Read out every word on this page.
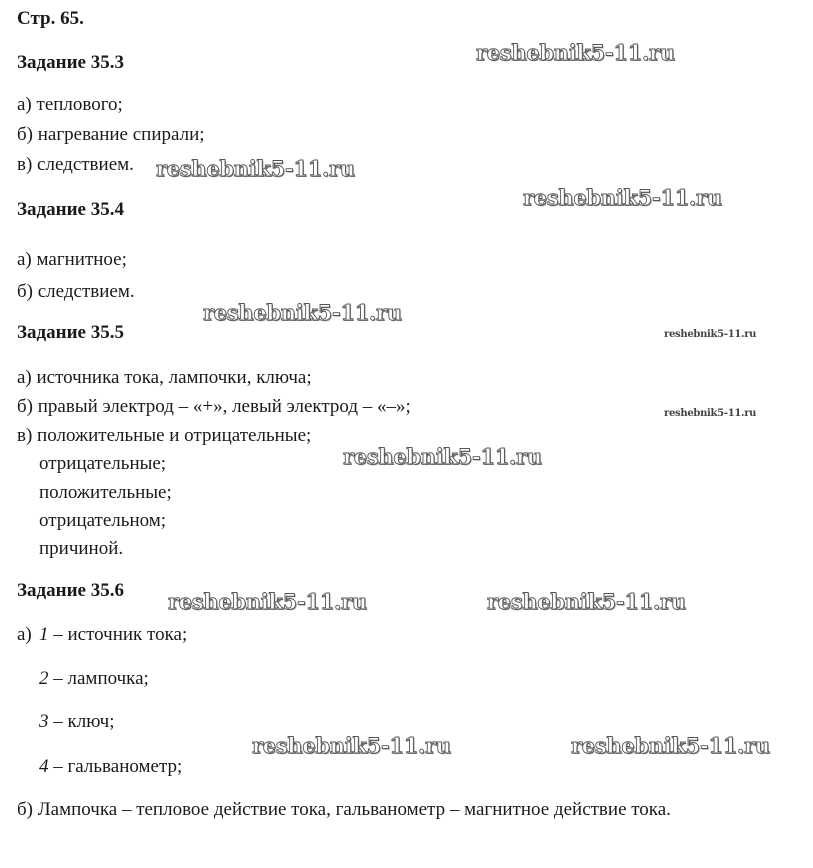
Стр. 65.
Задание 35.3
а) теплового;
б) нагревание спирали;
в) следствием.
Задание 35.4
а) магнитное;
б) следствием.
Задание 35.5
а) источника тока, лампочки, ключа;
б) правый электрод – «+», левый электрод – «–»;
в) положительные и отрицательные;
отрицательные;
положительные;
отрицательном;
причиной.
Задание 35.6
а) 1 – источник тока;
2 – лампочка;
3 – ключ;
4 – гальванометр;
б) Лампочка – тепловое действие тока, гальванометр – магнитное действие тока.
reshebnik5-11.ru
reshebnik5-11.ru
reshebnik5-11.ru
reshebnik5-11.ru
reshebnik5-11.ru
reshebnik5-11.ru
reshebnik5-11.ru
reshebnik5-11.ru	reshebnik5-11.ru
reshebnik5-11.ru	reshebnik5-11.ru
